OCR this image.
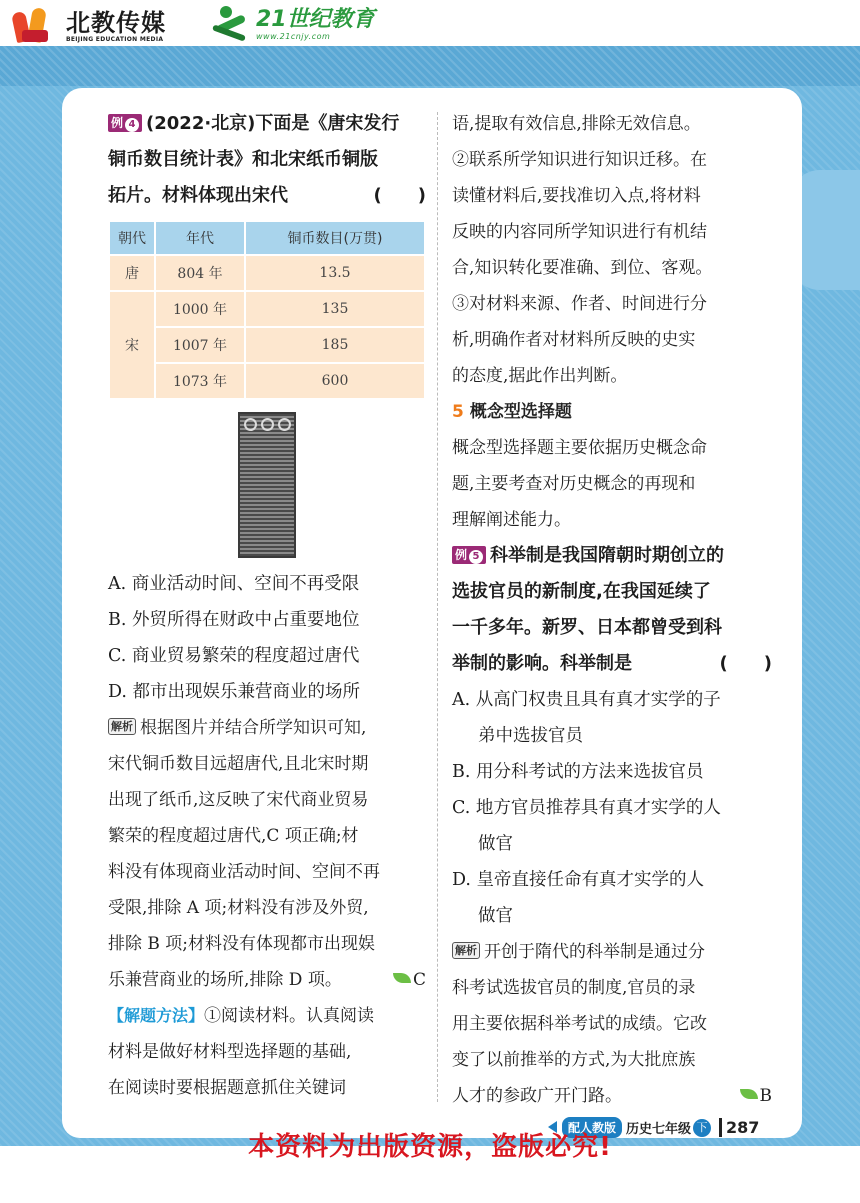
北教传媒
BEIJING EDUCATION MEDIA
21世纪教育
www.21cnjy.com
例 4 (2022·北京)下面是《唐宋发行
铜币数目统计表》和北宋纸币铜版
拓片。材料体现出宋代	(　　)
朝代	年代	铜币数目(万贯)
唐	804 年	13.5
宋	1000 年	135
	1007 年	185
	1073 年	600
A. 商业活动时间、空间不再受限
B. 外贸所得在财政中占重要地位
C. 商业贸易繁荣的程度超过唐代
D. 都市出现娱乐兼营商业的场所
解析 根据图片并结合所学知识可知,
宋代铜币数目远超唐代,且北宋时期
出现了纸币,这反映了宋代商业贸易
繁荣的程度超过唐代,C 项正确;材
料没有体现商业活动时间、空间不再
受限,排除 A 项;材料没有涉及外贸,
排除 B 项;材料没有体现都市出现娱
乐兼营商业的场所,排除 D 项。	C
【解题方法】①阅读材料。认真阅读
材料是做好材料型选择题的基础,
在阅读时要根据题意抓住关键词
语,提取有效信息,排除无效信息。
②联系所学知识进行知识迁移。在
读懂材料后,要找准切入点,将材料
反映的内容同所学知识进行有机结
合,知识转化要准确、到位、客观。
③对材料来源、作者、时间进行分
析,明确作者对材料所反映的史实
的态度,据此作出判断。
5 概念型选择题
概念型选择题主要依据历史概念命
题,主要考查对历史概念的再现和
理解阐述能力。
例 5 科举制是我国隋朝时期创立的
选拔官员的新制度,在我国延续了
一千多年。新罗、日本都曾受到科
举制的影响。科举制是	(　　)
A. 从高门权贵且具有真才实学的子
弟中选拔官员
B. 用分科考试的方法来选拔官员
C. 地方官员推荐具有真才实学的人
做官
D. 皇帝直接任命有真才实学的人
做官
解析 开创于隋代的科举制是通过分
科考试选拔官员的制度,官员的录
用主要依据科举考试的成绩。它改
变了以前推举的方式,为大批庶族
人才的参政广开门路。	B
配人教版 历史七年级 下	287
本资料为出版资源，盗版必究!
